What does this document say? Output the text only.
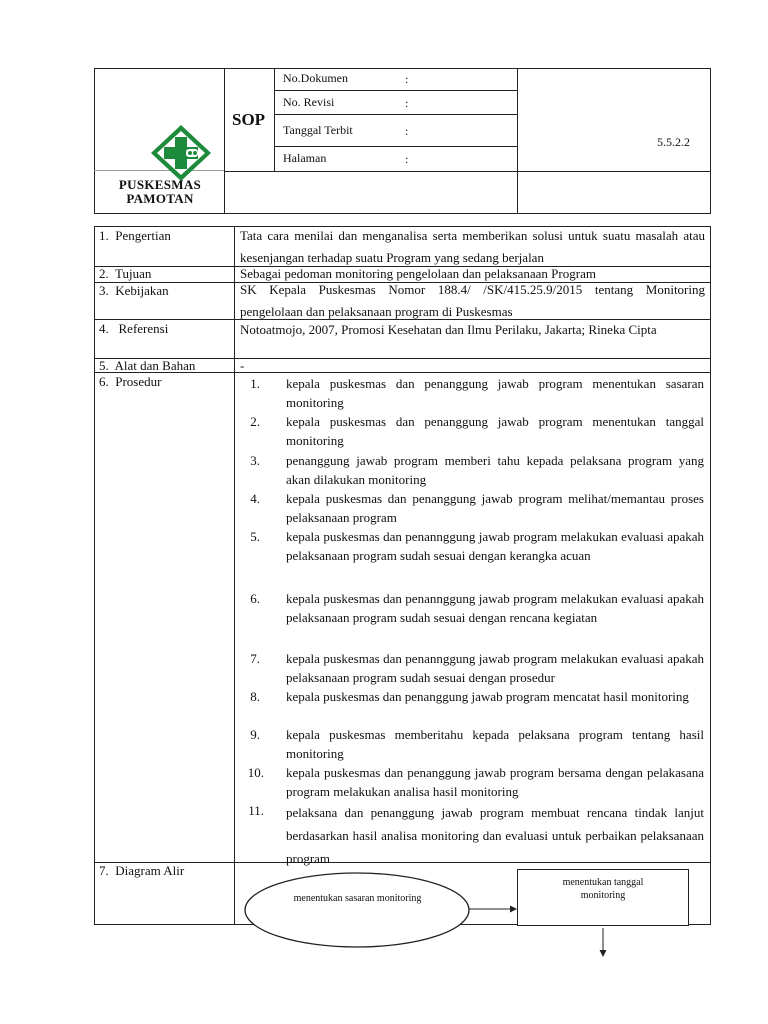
PUSKESMAS PAMOTAN
SOP
No.Dokumen	:
No. Revisi	:
Tanggal Terbit	:
Halaman	:
5.5.2.2
1.  Pengertian	Tata cara menilai dan menganalisa serta memberikan solusi untuk suatu masalah atau kesenjangan terhadap suatu Program yang sedang berjalan
2.  Tujuan	Sebagai pedoman monitoring pengelolaan dan pelaksanaan Program
3.  Kebijakan	SK Kepala Puskesmas Nomor 188.4/ /SK/415.25.9/2015 tentang Monitoring pengelolaan dan pelaksanaan program di Puskesmas
4.   Referensi	Notoatmojo, 2007, Promosi Kesehatan dan Ilmu Perilaku, Jakarta; Rineka Cipta
5.  Alat dan Bahan	-
6.  Prosedur	1. kepala puskesmas dan penanggung jawab program menentukan sasaran monitoring
2. kepala puskesmas dan penanggung jawab program menentukan tanggal monitoring
3. penanggung jawab program memberi tahu kepada pelaksana program yang akan dilakukan monitoring
4. kepala puskesmas dan penanggung jawab program melihat/memantau proses pelaksanaan program
5. kepala puskesmas dan penannggung jawab program melakukan evaluasi apakah pelaksanaan program sudah sesuai dengan kerangka acuan
6. kepala puskesmas dan penannggung jawab program melakukan evaluasi apakah pelaksanaan program sudah sesuai dengan rencana kegiatan
7. kepala puskesmas dan penannggung jawab program melakukan evaluasi apakah pelaksanaan program sudah sesuai dengan prosedur
8. kepala puskesmas dan penanggung jawab program mencatat hasil monitoring
9. kepala puskesmas memberitahu kepada pelaksana program tentang hasil monitoring
10. kepala puskesmas dan penanggung jawab program bersama dengan pelakasana program melakukan analisa hasil monitoring
11. pelaksana dan penanggung jawab program membuat rencana tindak lanjut berdasarkan hasil analisa monitoring dan evaluasi untuk perbaikan pelaksanaan program
7.  Diagram Alir
menentukan sasaran monitoring
menentukan tanggal monitoring
